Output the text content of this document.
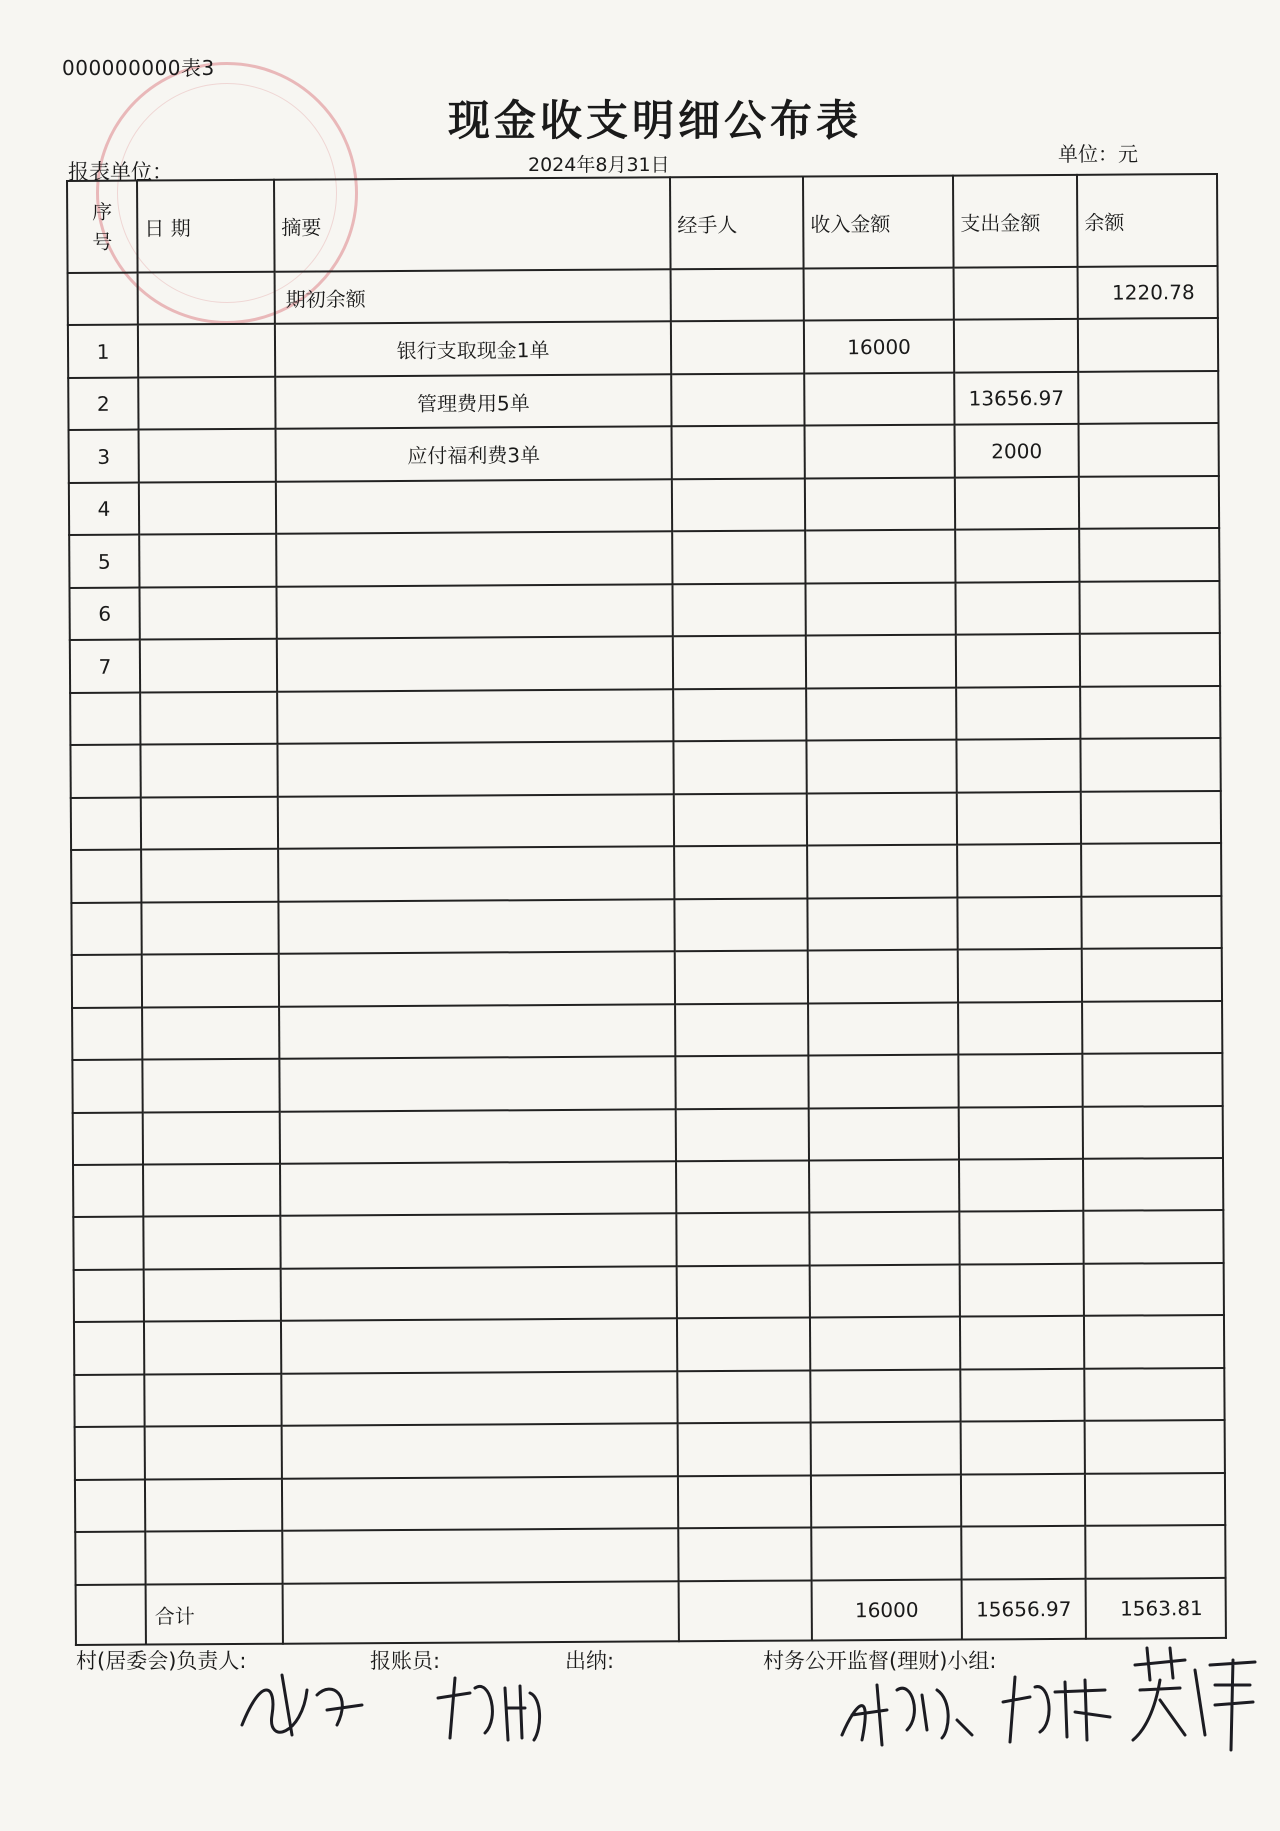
000000000表3
现金收支明细公布表
报表单位：	2024年8月31日	单位：元
序号	日 期	摘要	经手人	收入金额	支出金额	余额
		期初余额				1220.78
1		银行支取现金1单		16000		
2		管理费用5单			13656.97	
3		应付福利费3单			2000	
4						
5						
6						
7						

	合计			16000	15656.97	1563.81
村(居委会)负责人:	报账员:	出纳:	村务公开监督(理财)小组:
